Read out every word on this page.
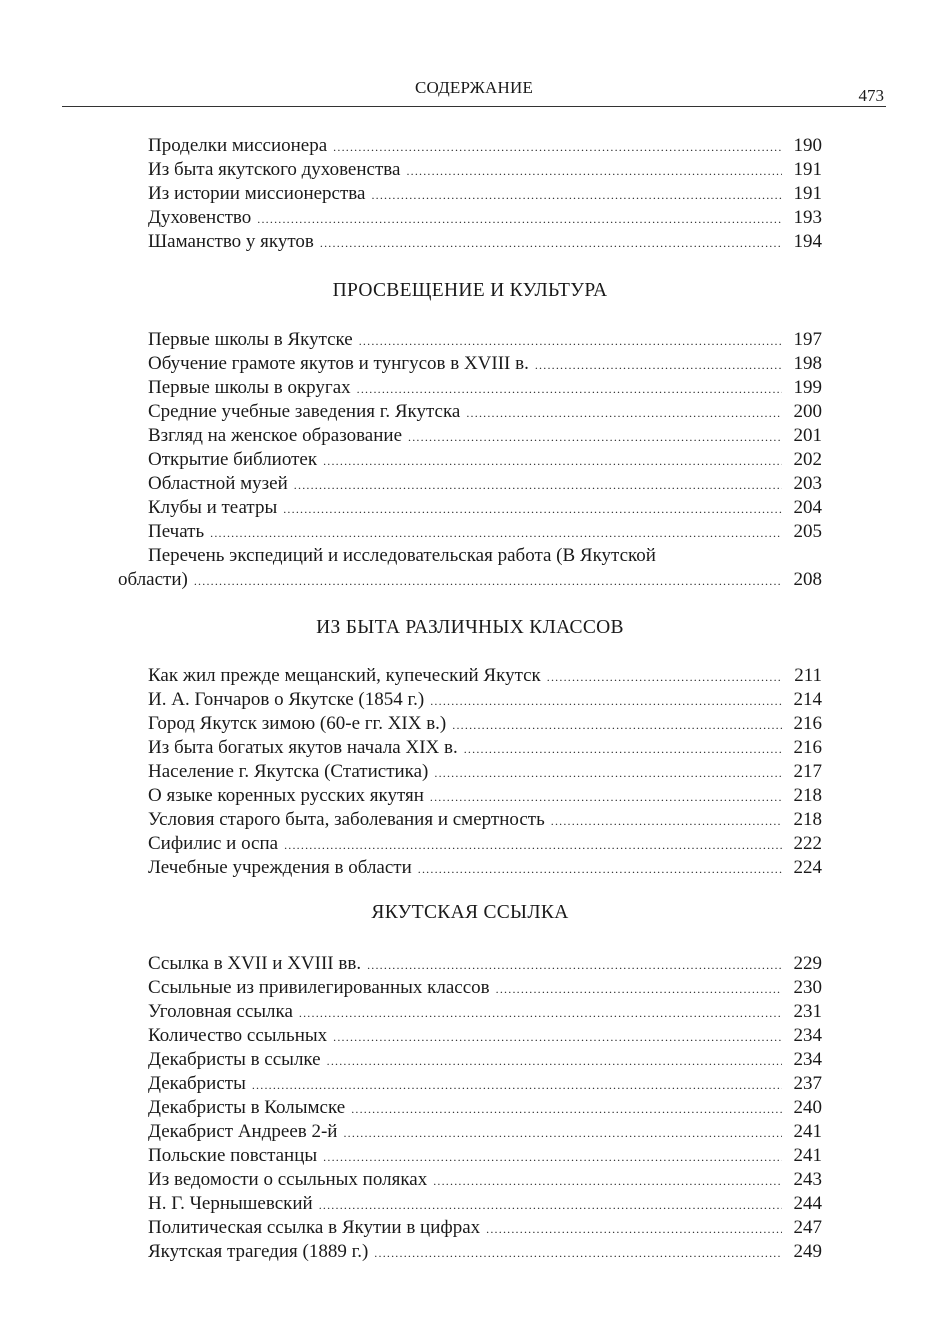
СОДЕРЖАНИЕ	473
Проделки миссионера .....	190
Из быта якутского духовенства .....	191
Из истории миссионерства .....	191
Духовенство .....	193
Шаманство у якутов .....	194
ПРОСВЕЩЕНИЕ И КУЛЬТУРА
Первые школы в Якутске .....	197
Обучение грамоте якутов и тунгусов в XVIII в. .....	198
Первые школы в округах .....	199
Средние учебные заведения г. Якутска .....	200
Взгляд на женское образование .....	201
Открытие библиотек .....	202
Областной музей .....	203
Клубы и театры .....	204
Печать .....	205
Перечень экспедиций и исследовательская работа (В Якутской
области) .....	208
ИЗ БЫТА РАЗЛИЧНЫХ КЛАССОВ
Как жил прежде мещанский, купеческий Якутск .....	211
И. А. Гончаров о Якутске (1854 г.) .....	214
Город Якутск зимою (60-е гг. XIX в.) .....	216
Из быта богатых якутов начала XIX в. .....	216
Население г. Якутска (Статистика) .....	217
О языке коренных русских якутян .....	218
Условия старого быта, заболевания и смертность .....	218
Сифилис и оспа .....	222
Лечебные учреждения в области .....	224
ЯКУТСКАЯ ССЫЛКА
Ссылка в XVII и XVIII вв. .....	229
Ссыльные из привилегированных классов .....	230
Уголовная ссылка .....	231
Количество ссыльных .....	234
Декабристы в ссылке .....	234
Декабристы .....	237
Декабристы в Колымске .....	240
Декабрист Андреев 2-й .....	241
Польские повстанцы .....	241
Из ведомости о ссыльных поляках .....	243
Н. Г. Чернышевский .....	244
Политическая ссылка в Якутии в цифрах .....	247
Якутская трагедия (1889 г.) .....	249
